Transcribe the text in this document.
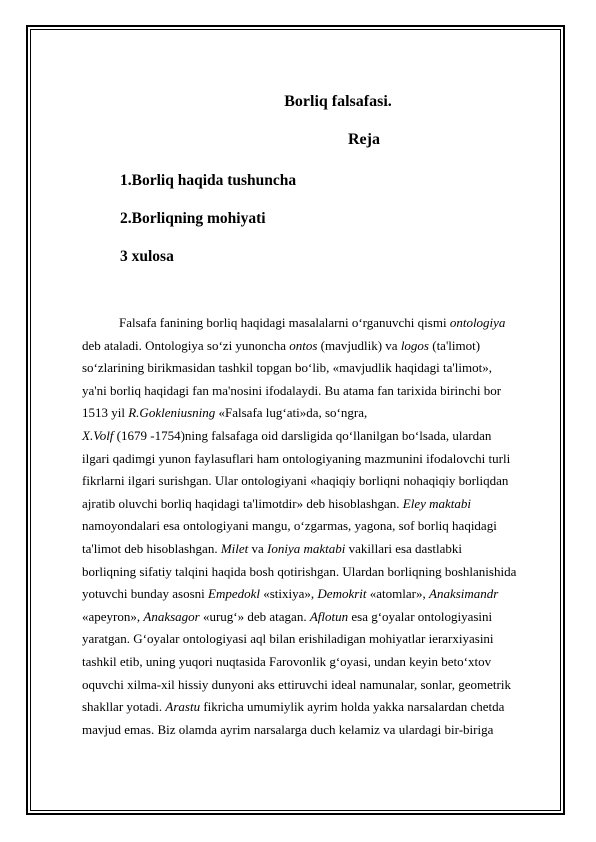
Borliq falsafasi.
Reja
1.Borliq haqida tushuncha
2.Borliqning mohiyati
3 xulosa
Falsafa fanining borliq haqidagi masalalarni o‘rganuvchi qismi ontologiya
deb ataladi. Ontologiya so‘zi yunoncha ontos (mavjudlik) va logos (ta'limot)
so‘zlarining birikmasidan tashkil topgan bo‘lib, «mavjudlik haqidagi ta'limot»,
ya'ni borliq haqidagi fan ma'nosini ifodalaydi. Bu atama fan tarixida birinchi bor
1513 yil R.Gokleniusning «Falsafa lug‘ati»da, so‘ngra,
X.Volf (1679 -1754)ning falsafaga oid darsligida qo‘llanilgan bo‘lsada, ulardan
ilgari qadimgi yunon faylasuflari ham ontologiyaning mazmunini ifodalovchi turli
fikrlarni ilgari surishgan. Ular ontologiyani «haqiqiy borliqni nohaqiqiy borliqdan
ajratib oluvchi borliq haqidagi ta'limotdir» deb hisoblashgan. Eley maktabi
namoyondalari esa ontologiyani mangu, o‘zgarmas, yagona, sof borliq haqidagi
ta'limot deb hisoblashgan. Milet va Ioniya maktabi vakillari esa dastlabki
borliqning sifatiy talqini haqida bosh qotirishgan. Ulardan borliqning boshlanishida
yotuvchi bunday asosni Empedokl «stixiya», Demokrit «atomlar», Anaksimandr
«apeyron», Anaksagor «urug‘» deb atagan. Aflotun esa g‘oyalar ontologiyasini
yaratgan. G‘oyalar ontologiyasi aql bilan erishiladigan mohiyatlar ierarxiyasini
tashkil etib, uning yuqori nuqtasida Farovonlik g‘oyasi, undan keyin beto‘xtov
oquvchi xilma-xil hissiy dunyoni aks ettiruvchi ideal namunalar, sonlar, geometrik
shakllar yotadi. Arastu fikricha umumiylik ayrim holda yakka narsalardan chetda
mavjud emas. Biz olamda ayrim narsalarga duch kelamiz va ulardagi bir-biriga
